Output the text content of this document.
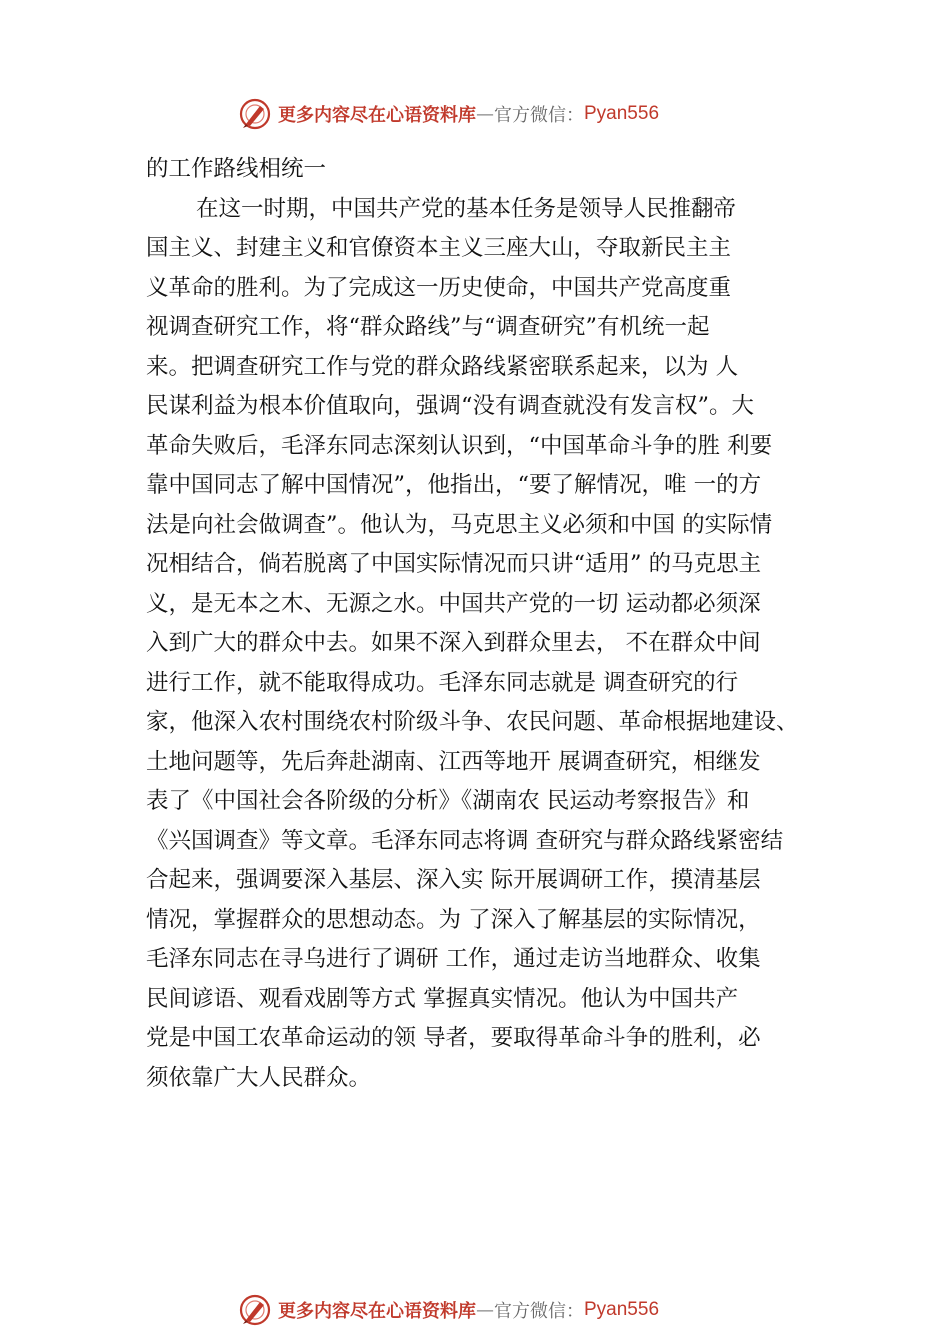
更多内容尽在心语资料库 — 官方微信： Pyan556
的工作路线相统一
在这一时期，中国共产党的基本任务是领导人民推翻帝
国主义、封建主义和官僚资本主义三座大山，夺取新民主主
义革命的胜利。为了完成这一历史使命，中国共产党高度重
视调查研究工作，将“群众路线”与“调查研究”有机统一起
来。把调查研究工作与党的群众路线紧密联系起来，以为 人
民谋利益为根本价值取向，强调“没有调查就没有发言权”。大
革命失败后，毛泽东同志深刻认识到，“中国革命斗争的胜 利要
靠中国同志了解中国情况”，他指出，“要了解情况，唯 一的方
法是向社会做调查”。他认为，马克思主义必须和中国 的实际情
况相结合，倘若脱离了中国实际情况而只讲“适用” 的马克思主
义，是无本之木、无源之水。中国共产党的一切 运动都必须深
入到广大的群众中去。如果不深入到群众里去， 不在群众中间
进行工作，就不能取得成功。毛泽东同志就是 调查研究的行
家，他深入农村围绕农村阶级斗争、农民问题、革命根据地建设、
土地问题等，先后奔赴湖南、江西等地开 展调查研究，相继发
表了《中国社会各阶级的分析》《湖南农 民运动考察报告》和
《兴国调查》等文章。毛泽东同志将调 查研究与群众路线紧密结
合起来，强调要深入基层、深入实 际开展调研工作，摸清基层
情况，掌握群众的思想动态。为 了深入了解基层的实际情况，
毛泽东同志在寻乌进行了调研 工作，通过走访当地群众、收集
民间谚语、观看戏剧等方式 掌握真实情况。他认为中国共产
党是中国工农革命运动的领 导者，要取得革命斗争的胜利，必
须依靠广大人民群众。
更多内容尽在心语资料库 — 官方微信： Pyan556
